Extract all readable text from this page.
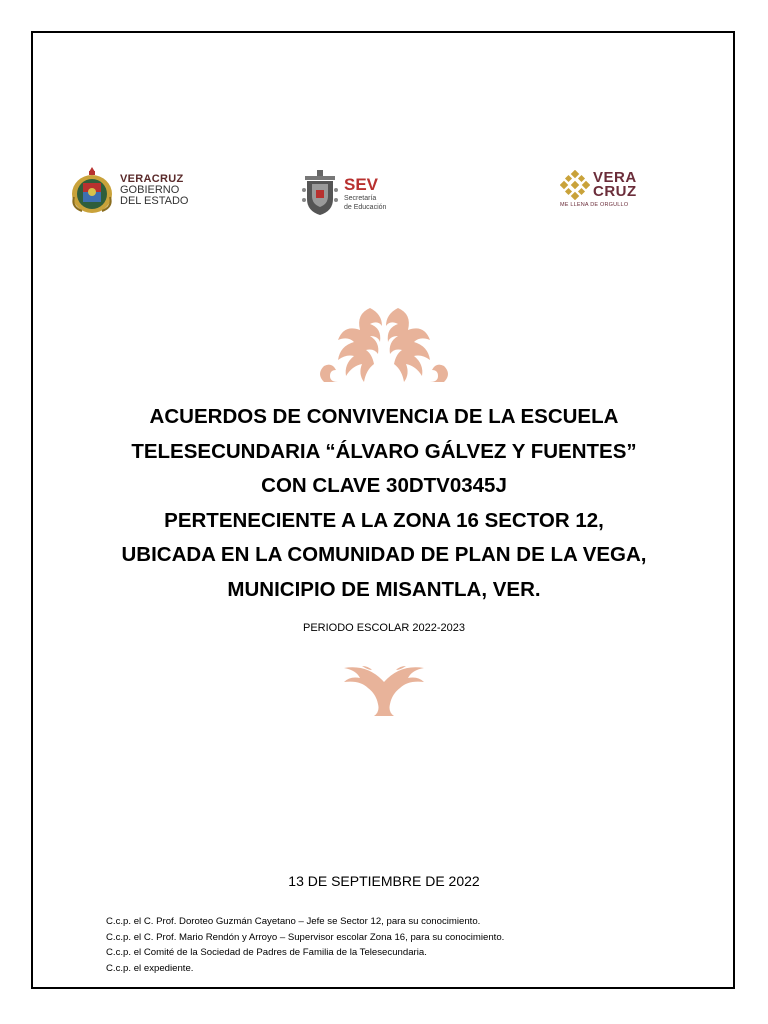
VERACRUZ
GOBIERNO
DEL ESTADO
SEV
Secretaría
de Educación
VERA
CRUZ
ME LLENA DE ORGULLO
ACUERDOS DE CONVIVENCIA DE LA ESCUELA
TELESECUNDARIA “ÁLVARO GÁLVEZ Y FUENTES”
CON CLAVE 30DTV0345J
PERTENECIENTE A LA ZONA 16 SECTOR 12,
UBICADA EN LA COMUNIDAD DE PLAN DE LA VEGA,
MUNICIPIO DE MISANTLA, VER.
PERIODO ESCOLAR 2022-2023
13 DE SEPTIEMBRE DE 2022
C.c.p. el C. Prof. Doroteo Guzmán Cayetano – Jefe se Sector 12, para su conocimiento.
C.c.p. el C. Prof. Mario Rendón y Arroyo – Supervisor escolar Zona 16, para su conocimiento.
C.c.p. el Comité de la Sociedad de Padres de Familia de la Telesecundaria.
C.c.p. el expediente.
